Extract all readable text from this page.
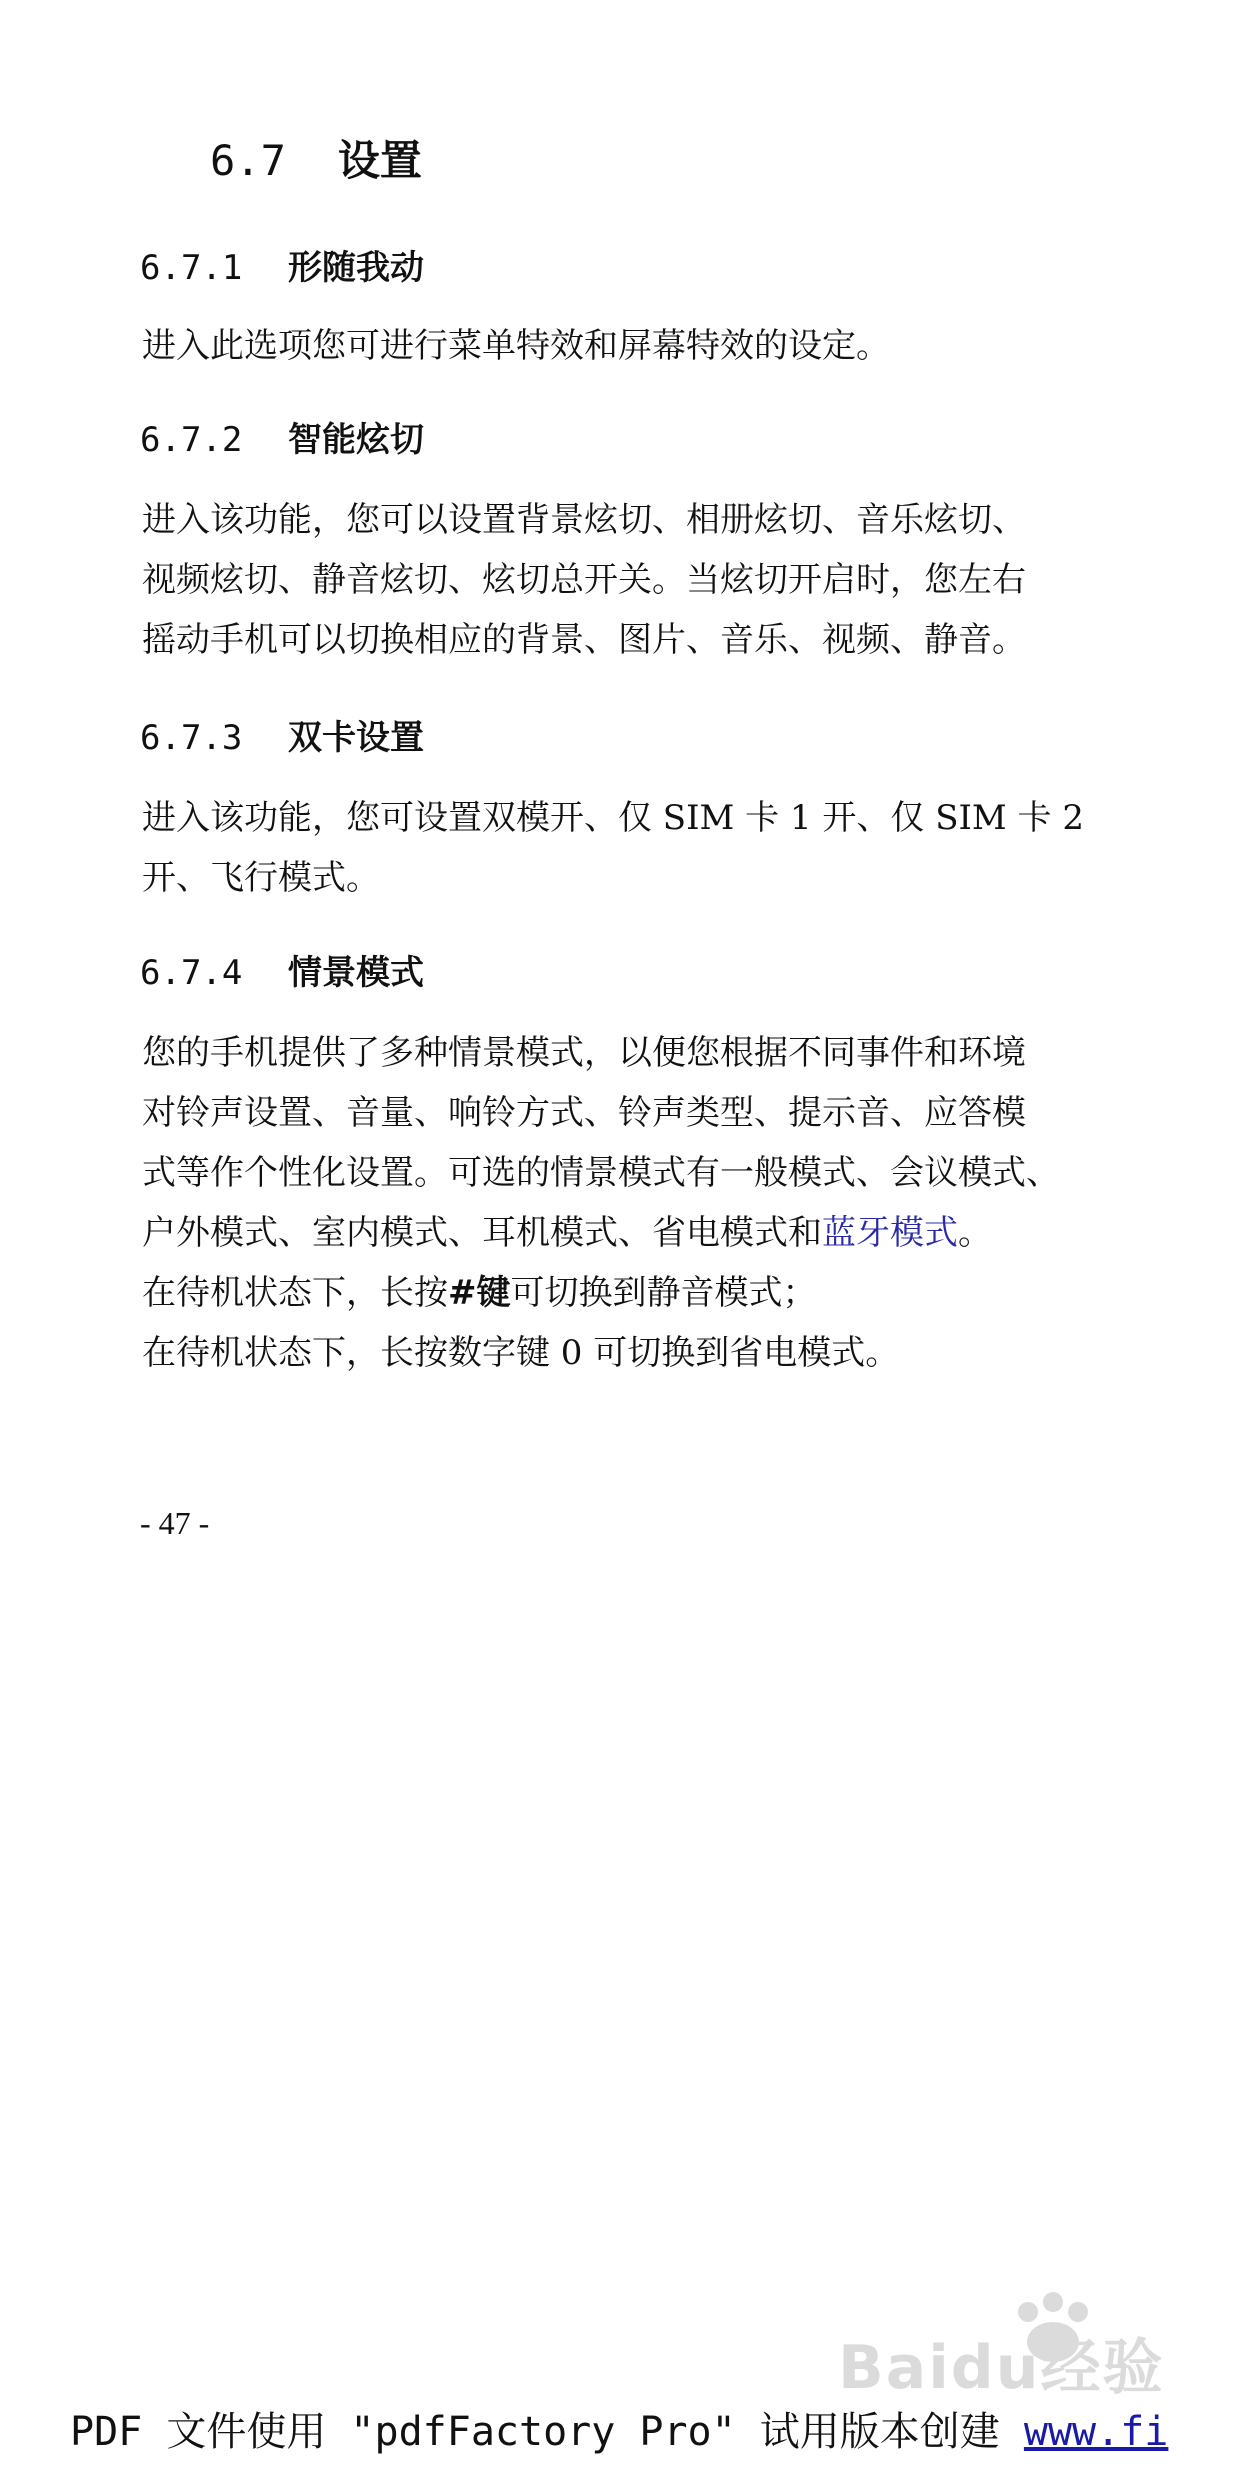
6.7 设置
6.7.1 形随我动
进入此选项您可进行菜单特效和屏幕特效的设定。
6.7.2 智能炫切
进入该功能，您可以设置背景炫切、相册炫切、音乐炫切、
视频炫切、静音炫切、炫切总开关。当炫切开启时，您左右
摇动手机可以切换相应的背景、图片、音乐、视频、静音。
6.7.3 双卡设置
进入该功能，您可设置双模开、仅 SIM 卡 1 开、仅 SIM 卡 2
开、飞行模式。
6.7.4 情景模式
您的手机提供了多种情景模式，以便您根据不同事件和环境
对铃声设置、音量、响铃方式、铃声类型、提示音、应答模
式等作个性化设置。可选的情景模式有一般模式、会议模式、
户外模式、室内模式、耳机模式、省电模式和蓝牙模式。
在待机状态下，长按#键可切换到静音模式；
在待机状态下，长按数字键 0 可切换到省电模式。
- 47 -
Baidu经验
PDF 文件使用 "pdfFactory Pro" 试用版本创建 www.fi
